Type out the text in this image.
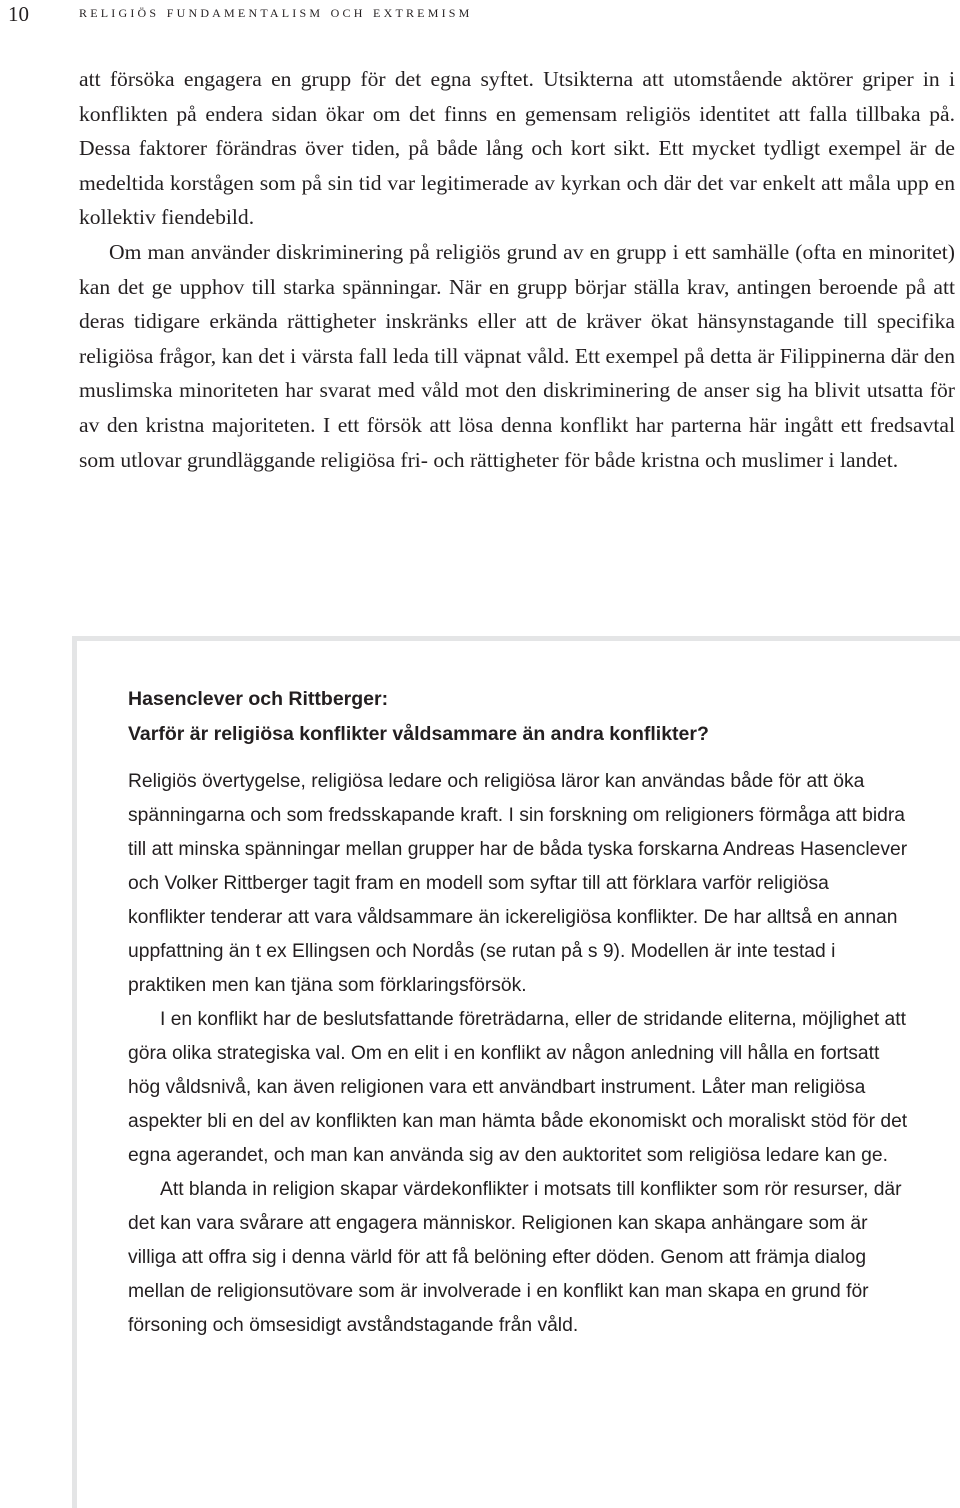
10	religiös fundamentalism och extremism

att försöka engagera en grupp för det egna syftet. Utsikterna att utomstående aktörer griper in i konflikten på endera sidan ökar om det finns en gemensam religiös identitet att falla tillbaka på. Dessa faktorer förändras över tiden, på både lång och kort sikt. Ett mycket tydligt exempel är de medeltida korstågen som på sin tid var legitimerade av kyrkan och där det var enkelt att måla upp en kollektiv fiendebild.

Om man använder diskriminering på religiös grund av en grupp i ett samhälle (ofta en minoritet) kan det ge upphov till starka spänningar. När en grupp börjar ställa krav, antingen beroende på att deras tidigare erkända rättigheter inskränks eller att de kräver ökat hänsynstagande till specifika religiösa frågor, kan det i värsta fall leda till väpnat våld. Ett exempel på detta är Filippinerna där den muslimska minoriteten har svarat med våld mot den diskriminering de anser sig ha blivit utsatta för av den kristna majoriteten. I ett försök att lösa denna konflikt har parterna här ingått ett fredsavtal som utlovar grundläggande religiösa fri- och rättigheter för både kristna och muslimer i landet.

Hasenclever och Rittberger:
Varför är religiösa konflikter våldsammare än andra konflikter?

Religiös övertygelse, religiösa ledare och religiösa läror kan användas både för att öka spänningarna och som fredsskapande kraft. I sin forskning om religioners förmåga att bidra till att minska spänningar mellan grupper har de båda tyska forskarna Andreas Hasenclever och Volker Rittberger tagit fram en modell som syftar till att förklara varför religiösa konflikter tenderar att vara våldsammare än ickereligiösa konflikter. De har alltså en annan uppfattning än t ex Ellingsen och Nordås (se rutan på s 9). Modellen är inte testad i praktiken men kan tjäna som förklaringsförsök.

I en konflikt har de beslutsfattande företrädarna, eller de stridande eliterna, möjlighet att göra olika strategiska val. Om en elit i en konflikt av någon anledning vill hålla en fortsatt hög våldsnivå, kan även religionen vara ett användbart instrument. Låter man religiösa aspekter bli en del av konflikten kan man hämta både ekonomiskt och moraliskt stöd för det egna agerandet, och man kan använda sig av den auktoritet som religiösa ledare kan ge.

Att blanda in religion skapar värdekonflikter i motsats till konflikter som rör resurser, där det kan vara svårare att engagera människor. Religionen kan skapa anhängare som är villiga att offra sig i denna värld för att få belöning efter döden. Genom att främja dialog mellan de religionsutövare som är involverade i en konflikt kan man skapa en grund för försoning och ömsesidigt avståndstagande från våld.
